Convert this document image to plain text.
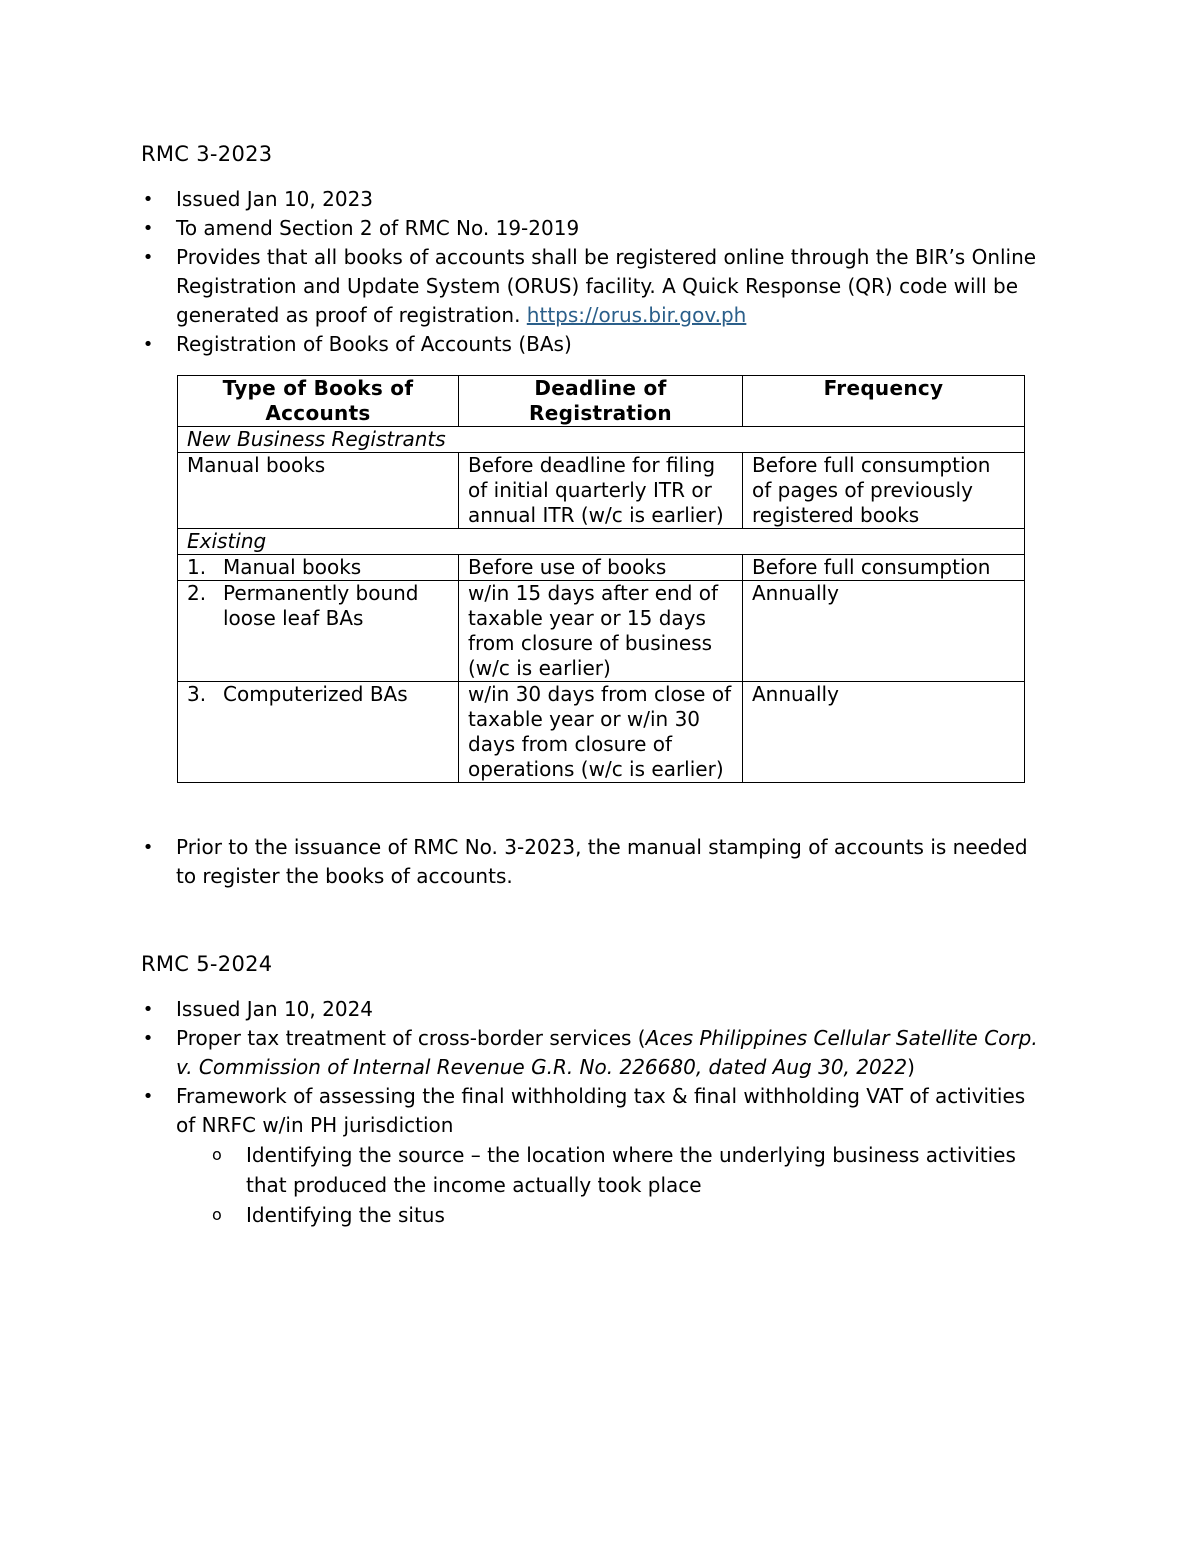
RMC 3-2023
• Issued Jan 10, 2023
• To amend Section 2 of RMC No. 19-2019
• Provides that all books of accounts shall be registered online through the BIR’s Online Registration and Update System (ORUS) facility. A Quick Response (QR) code will be generated as proof of registration. https://orus.bir.gov.ph
• Registration of Books of Accounts (BAs)
Type of Books of Accounts	Deadline of Registration	Frequency
New Business Registrants		
Manual books	Before deadline for filing of initial quarterly ITR or annual ITR (w/c is earlier)	Before full consumption of pages of previously registered books
Existing		

1. Manual books	Before use of books	Before full consumption

2. Permanently bound loose leaf BAs	w/in 15 days after end of taxable year or 15 days from closure of business (w/c is earlier)	Annually

3. Computerized BAs	w/in 30 days from close of taxable year or w/in 30 days from closure of operations (w/c is earlier)	Annually
• Prior to the issuance of RMC No. 3-2023, the manual stamping of accounts is needed to register the books of accounts.
RMC 5-2024
• Issued Jan 10, 2024
• Proper tax treatment of cross-border services (Aces Philippines Cellular Satellite Corp. v. Commission of Internal Revenue G.R. No. 226680, dated Aug 30, 2022)
• Framework of assessing the final withholding tax & final withholding VAT of activities of NRFC w/in PH jurisdiction
o Identifying the source – the location where the underlying business activities that produced the income actually took place
o Identifying the situs
